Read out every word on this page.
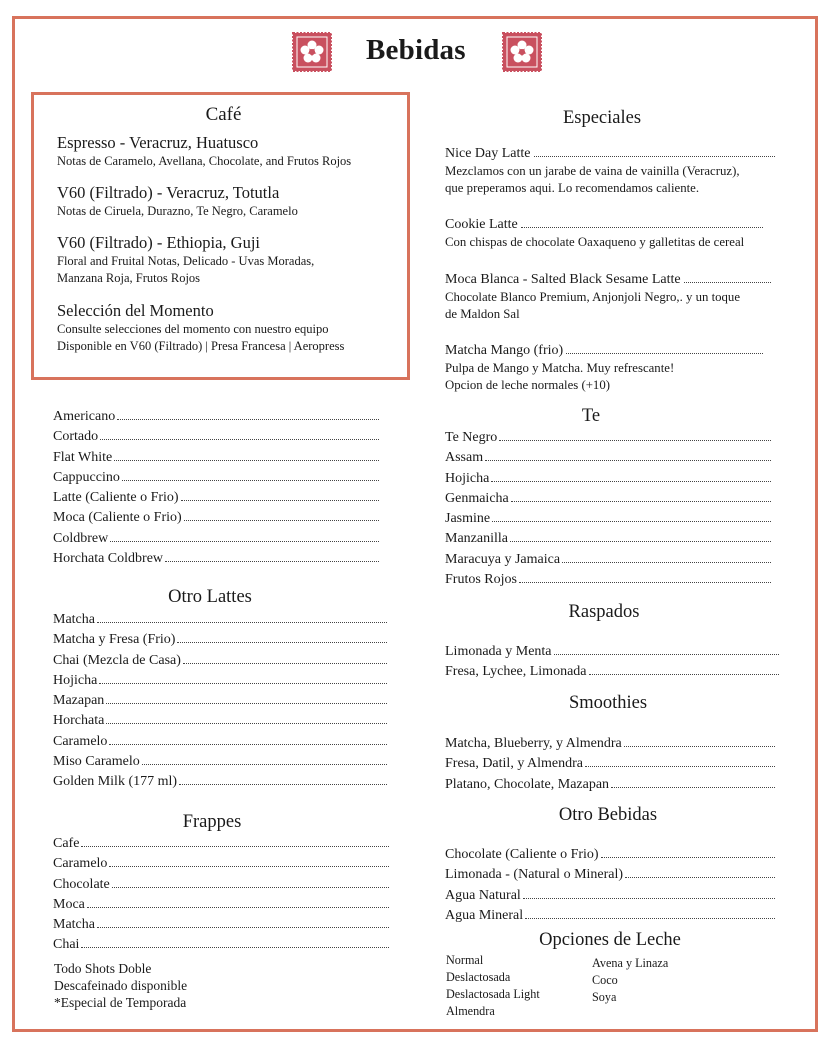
Bebidas
Café
Espresso - Veracruz, Huatusco
Notas de Caramelo, Avellana, Chocolate, and Frutos Rojos
V60 (Filtrado) - Veracruz, Totutla
Notas de Ciruela, Durazno, Te Negro, Caramelo
V60 (Filtrado) - Ethiopia, Guji
Floral and Fruital Notas, Delicado - Uvas Moradas,
Manzana Roja, Frutos Rojos
Selección del Momento
Consulte selecciones del momento con nuestro equipo
Disponible en V60 (Filtrado) | Presa Francesa | Aeropress
Americano
Cortado
Flat White
Cappuccino
Latte (Caliente o Frio)
Moca (Caliente o Frio)
Coldbrew
Horchata Coldbrew
Otro Lattes
Matcha
Matcha y Fresa (Frio)
Chai (Mezcla de Casa)
Hojicha
Mazapan
Horchata
Caramelo
Miso Caramelo
Golden Milk (177 ml)
Frappes
Cafe
Caramelo
Chocolate
Moca
Matcha
Chai
Todo Shots Doble
Descafeinado disponible
*Especial de Temporada
Especiales
Nice Day Latte
Mezclamos con un jarabe de vaina de vainilla (Veracruz),
que preperamos aqui. Lo recomendamos caliente.
Cookie Latte
Con chispas de chocolate Oaxaqueno y galletitas de cereal
Moca Blanca - Salted Black Sesame Latte
Chocolate Blanco Premium, Anjonjoli Negro,. y un toque
de Maldon Sal
Matcha Mango (frio)
Pulpa de Mango y Matcha. Muy refrescante!
Opcion de leche normales (+10)
Te
Te Negro
Assam
Hojicha
Genmaicha
Jasmine
Manzanilla
Maracuya y Jamaica
Frutos Rojos
Raspados
Limonada y Menta
Fresa, Lychee, Limonada
Smoothies
Matcha, Blueberry, y Almendra
Fresa, Datil, y Almendra
Platano, Chocolate, Mazapan
Otro Bebidas
Chocolate (Caliente o Frio)
Limonada - (Natural o Mineral)
Agua Natural
Agua Mineral
Opciones de Leche
Normal
Deslactosada
Deslactosada Light
Almendra
Avena y Linaza
Coco
Soya
